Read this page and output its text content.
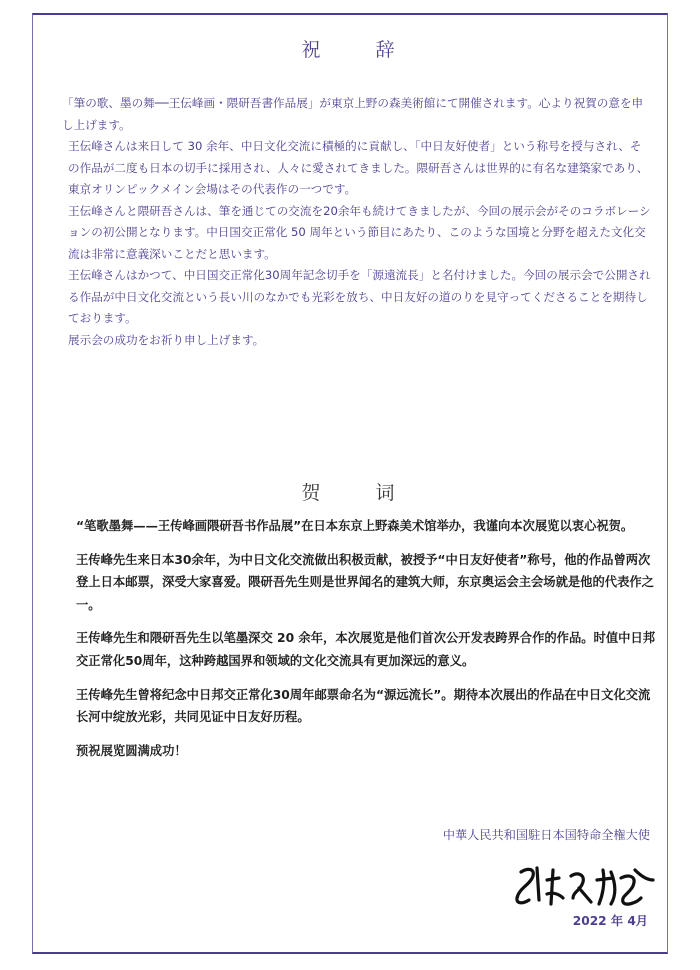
祝　辞

「筆の歌、墨の舞──王伝峰画・隈研吾書作品展」が東京上野の森美術館にて開催されます。心より祝賀の意を申し上げます。

王伝峰さんは来日して 30 余年、中日文化交流に積極的に貢献し、「中日友好使者」という称号を授与され、その作品が二度も日本の切手に採用され、人々に愛されてきました。隈研吾さんは世界的に有名な建築家であり、東京オリンピックメイン会場はその代表作の一つです。

王伝峰さんと隈研吾さんは、筆を通じての交流を20余年も続けてきましたが、今回の展示会がそのコラボレーションの初公開となります。中日国交正常化 50 周年という節目にあたり、このような国境と分野を超えた文化交流は非常に意義深いことだと思います。

王伝峰さんはかつて、中日国交正常化30周年記念切手を「源遠流長」と名付けました。今回の展示会で公開される作品が中日文化交流という長い川のなかでも光彩を放ち、中日友好の道のりを見守ってくださることを期待しております。

展示会の成功をお祈り申し上げます。

贺　词

“笔歌墨舞——王传峰画隈研吾书作品展”在日本东京上野森美术馆举办，我谨向本次展览以衷心祝贺。

王传峰先生来日本30余年，为中日文化交流做出积极贡献，被授予“中日友好使者”称号，他的作品曾两次登上日本邮票，深受大家喜爱。隈研吾先生则是世界闻名的建筑大师，东京奥运会主会场就是他的代表作之一。

王传峰先生和隈研吾先生以笔墨深交 20 余年，本次展览是他们首次公开发表跨界合作的作品。时值中日邦交正常化50周年，这种跨越国界和领域的文化交流具有更加深远的意义。

王传峰先生曾将纪念中日邦交正常化30周年邮票命名为“源远流长”。期待本次展出的作品在中日文化交流长河中绽放光彩，共同见证中日友好历程。

预祝展览圆满成功！

中華人民共和国駐日本国特命全権大使
2022 年 4月
